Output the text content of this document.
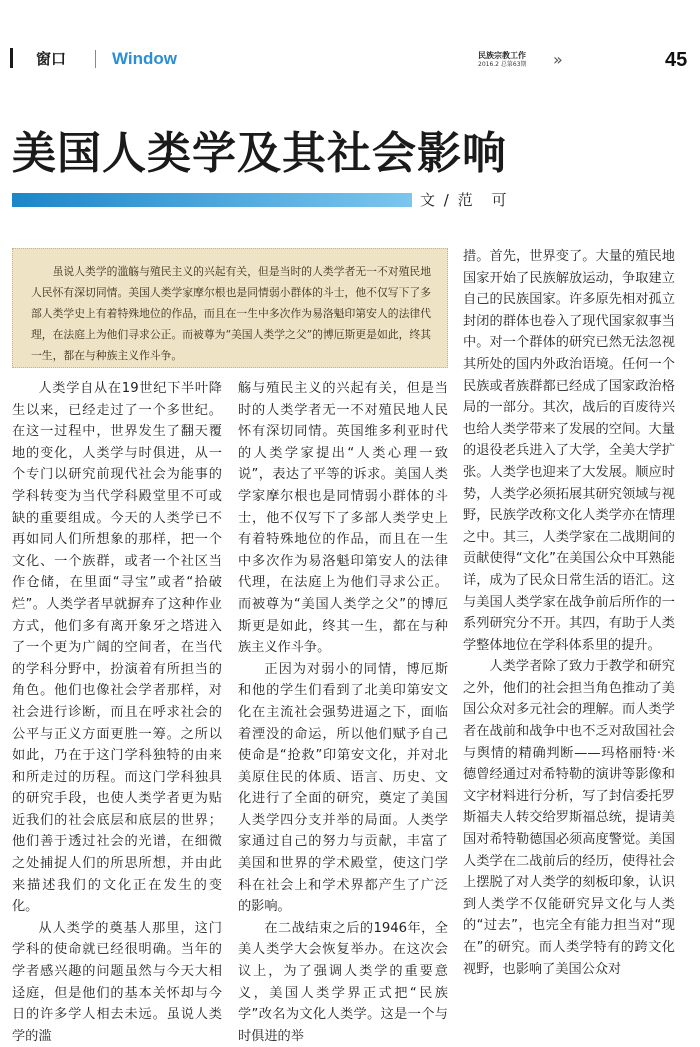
窗口	Window	民族宗教工作
2016.2 总第63期 »	45
美国人类学及其社会影响
文 / 范　可
虽说人类学的滥觞与殖民主义的兴起有关，但是当时的人类学者无一不对殖民地人民怀有深切同情。美国人类学家摩尔根也是同情弱小群体的斗士，他不仅写下了多部人类学史上有着特殊地位的作品，而且在一生中多次作为易洛魁印第安人的法律代理，在法庭上为他们寻求公正。而被尊为“美国人类学之父”的博厄斯更是如此，终其一生，都在与种族主义作斗争。

人类学自从在19世纪下半叶降生以来，已经走过了一个多世纪。在这一过程中，世界发生了翻天覆地的变化，人类学与时俱进，从一个专门以研究前现代社会为能事的学科转变为当代学科殿堂里不可或缺的重要组成。今天的人类学已不再如同人们所想象的那样，把一个文化、一个族群，或者一个社区当作仓储，在里面“寻宝”或者“拾破烂”。人类学者早就摒弃了这种作业方式，他们多有离开象牙之塔进入了一个更为广阔的空间者，在当代的学科分野中，扮演着有所担当的角色。他们也像社会学者那样，对社会进行诊断，而且在呼求社会的公平与正义方面更胜一筹。之所以如此，乃在于这门学科独特的由来和所走过的历程。而这门学科独具的研究手段，也使人类学者更为贴近我们的社会底层和底层的世界；他们善于透过社会的光谱，在细微之处捕捉人们的所思所想，并由此来描述我们的文化正在发生的变化。

从人类学的奠基人那里，这门学科的使命就已经很明确。当年的学者感兴趣的问题虽然与今天大相迳庭，但是他们的基本关怀却与今日的许多学人相去未远。虽说人类学的滥

觞与殖民主义的兴起有关，但是当时的人类学者无一不对殖民地人民怀有深切同情。英国维多利亚时代的人类学家提出“人类心理一致说”，表达了平等的诉求。美国人类学家摩尔根也是同情弱小群体的斗士，他不仅写下了多部人类学史上有着特殊地位的作品，而且在一生中多次作为易洛魁印第安人的法律代理，在法庭上为他们寻求公正。而被尊为“美国人类学之父”的博厄斯更是如此，终其一生，都在与种族主义作斗争。

正因为对弱小的同情，博厄斯和他的学生们看到了北美印第安文化在主流社会强势进逼之下，面临着湮没的命运，所以他们赋予自己使命是“抢救”印第安文化，并对北美原住民的体质、语言、历史、文化进行了全面的研究，奠定了美国人类学四分支并举的局面。人类学家通过自己的努力与贡献，丰富了美国和世界的学术殿堂，使这门学科在社会上和学术界都产生了广泛的影响。

在二战结束之后的1946年，全美人类学大会恢复举办。在这次会议上，为了强调人类学的重要意义，美国人类学界正式把“民族学”改名为文化人类学。这是一个与时俱进的举

措。首先，世界变了。大量的殖民地国家开始了民族解放运动，争取建立自己的民族国家。许多原先相对孤立封闭的群体也卷入了现代国家叙事当中。对一个群体的研究已然无法忽视其所处的国内外政治语境。任何一个民族或者族群都已经成了国家政治格局的一部分。其次，战后的百废待兴也给人类学带来了发展的空间。大量的退役老兵进入了大学，全美大学扩张。人类学也迎来了大发展。顺应时势，人类学必须拓展其研究领域与视野，民族学改称文化人类学亦在情理之中。其三，人类学家在二战期间的贡献使得“文化”在美国公众中耳熟能详，成为了民众日常生活的语汇。这与美国人类学家在战争前后所作的一系列研究分不开。其四，有助于人类学整体地位在学科体系里的提升。

人类学者除了致力于教学和研究之外，他们的社会担当角色推动了美国公众对多元社会的理解。而人类学者在战前和战争中也不乏对敌国社会与舆情的精确判断——玛格丽特·米德曾经通过对希特勒的演讲等影像和文字材料进行分析，写了封信委托罗斯福夫人转交给罗斯福总统，提请美国对希特勒德国必须高度警觉。美国人类学在二战前后的经历，使得社会上摆脱了对人类学的刻板印象，认识到人类学不仅能研究异文化与人类的“过去”，也完全有能力担当对“现在”的研究。而人类学特有的跨文化视野，也影响了美国公众对
